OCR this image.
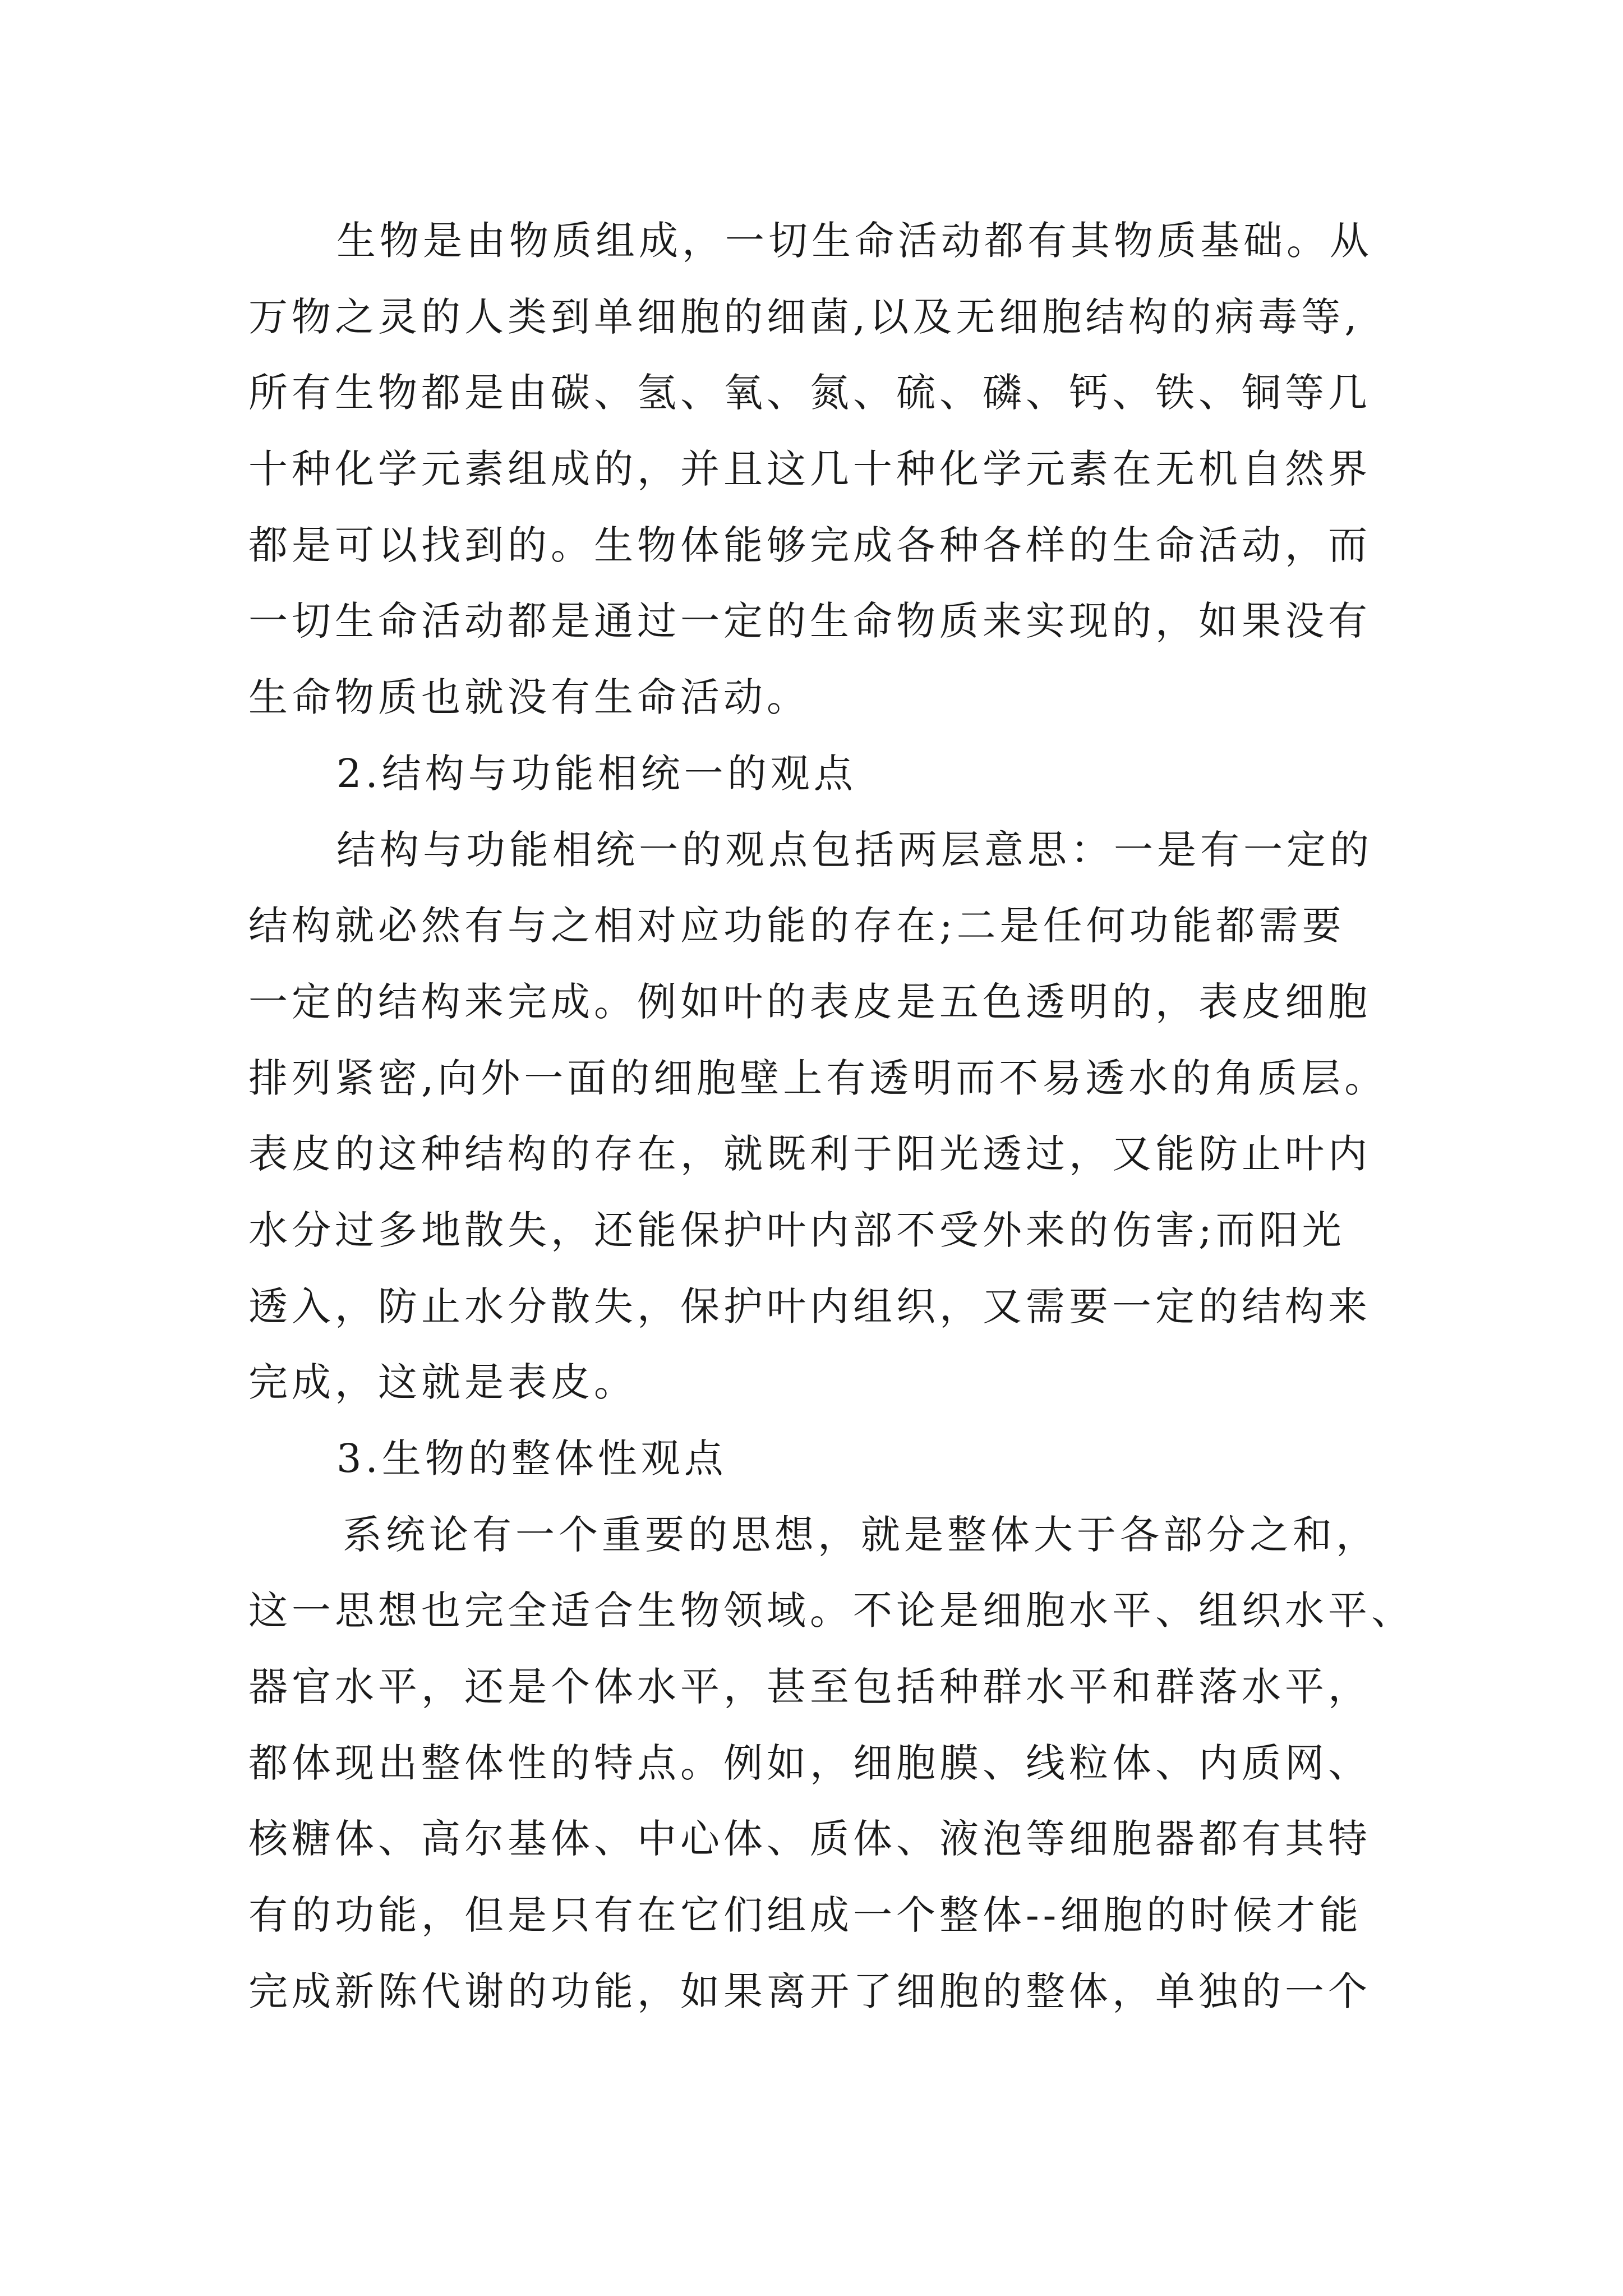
生物是由物质组成，一切生命活动都有其物质基础。从
万物之灵的人类到单细胞的细菌,以及无细胞结构的病毒等,
所有生物都是由碳、氢、氧、氮、硫、磷、钙、铁、铜等几
十种化学元素组成的，并且这几十种化学元素在无机自然界
都是可以找到的。生物体能够完成各种各样的生命活动，而
一切生命活动都是通过一定的生命物质来实现的，如果没有
生命物质也就没有生命活动。
2.结构与功能相统一的观点
结构与功能相统一的观点包括两层意思：一是有一定的
结构就必然有与之相对应功能的存在;二是任何功能都需要
一定的结构来完成。例如叶的表皮是五色透明的，表皮细胞
排列紧密,向外一面的细胞壁上有透明而不易透水的角质层。
表皮的这种结构的存在，就既利于阳光透过，又能防止叶内
水分过多地散失，还能保护叶内部不受外来的伤害;而阳光
透入，防止水分散失，保护叶内组织，又需要一定的结构来
完成，这就是表皮。
3.生物的整体性观点
系统论有一个重要的思想，就是整体大于各部分之和，
这一思想也完全适合生物领域。不论是细胞水平、组织水平、
器官水平，还是个体水平，甚至包括种群水平和群落水平，
都体现出整体性的特点。例如，细胞膜、线粒体、内质网、
核糖体、高尔基体、中心体、质体、液泡等细胞器都有其特
有的功能，但是只有在它们组成一个整体--细胞的时候才能
完成新陈代谢的功能，如果离开了细胞的整体，单独的一个
